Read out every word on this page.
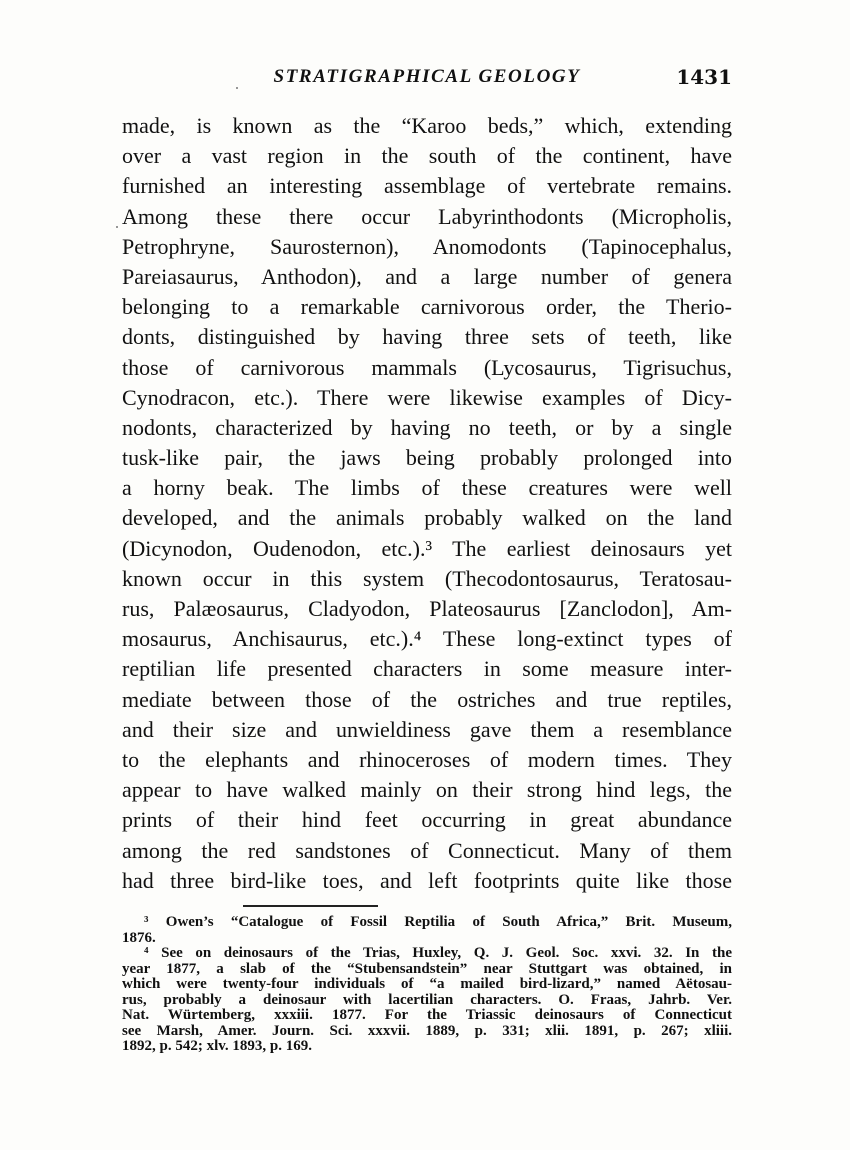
STRATIGRAPHICAL GEOLOGY	1431
made, is known as the “Karoo beds,” which, extending
over a vast region in the south of the continent, have
furnished an interesting assemblage of vertebrate remains.
Among these there occur Labyrinthodonts (Micropholis,
Petrophryne, Saurosternon), Anomodonts (Tapinocephalus,
Pareiasaurus, Anthodon), and a large number of genera
belonging to a remarkable carnivorous order, the Therio-
donts, distinguished by having three sets of teeth, like
those of carnivorous mammals (Lycosaurus, Tigrisuchus,
Cynodracon, etc.). There were likewise examples of Dicy-
nodonts, characterized by having no teeth, or by a single
tusk-like pair, the jaws being probably prolonged into
a horny beak. The limbs of these creatures were well
developed, and the animals probably walked on the land
(Dicynodon, Oudenodon, etc.).³ The earliest deinosaurs yet
known occur in this system (Thecodontosaurus, Teratosau-
rus, Palæosaurus, Cladyodon, Plateosaurus [Zanclodon], Am-
mosaurus, Anchisaurus, etc.).⁴ These long-extinct types of
reptilian life presented characters in some measure inter-
mediate between those of the ostriches and true reptiles,
and their size and unwieldiness gave them a resemblance
to the elephants and rhinoceroses of modern times. They
appear to have walked mainly on their strong hind legs, the
prints of their hind feet occurring in great abundance
among the red sandstones of Connecticut. Many of them
had three bird-like toes, and left footprints quite like those
³ Owen’s “Catalogue of Fossil Reptilia of South Africa,” Brit. Museum,
1876.
⁴ See on deinosaurs of the Trias, Huxley, Q. J. Geol. Soc. xxvi. 32. In the
year 1877, a slab of the “Stubensandstein” near Stuttgart was obtained, in
which were twenty-four individuals of “a mailed bird-lizard,” named Aëtosau-
rus, probably a deinosaur with lacertilian characters. O. Fraas, Jahrb. Ver.
Nat. Würtemberg, xxxiii. 1877. For the Triassic deinosaurs of Connecticut
see Marsh, Amer. Journ. Sci. xxxvii. 1889, p. 331; xlii. 1891, p. 267; xliii.
1892, p. 542; xlv. 1893, p. 169.
